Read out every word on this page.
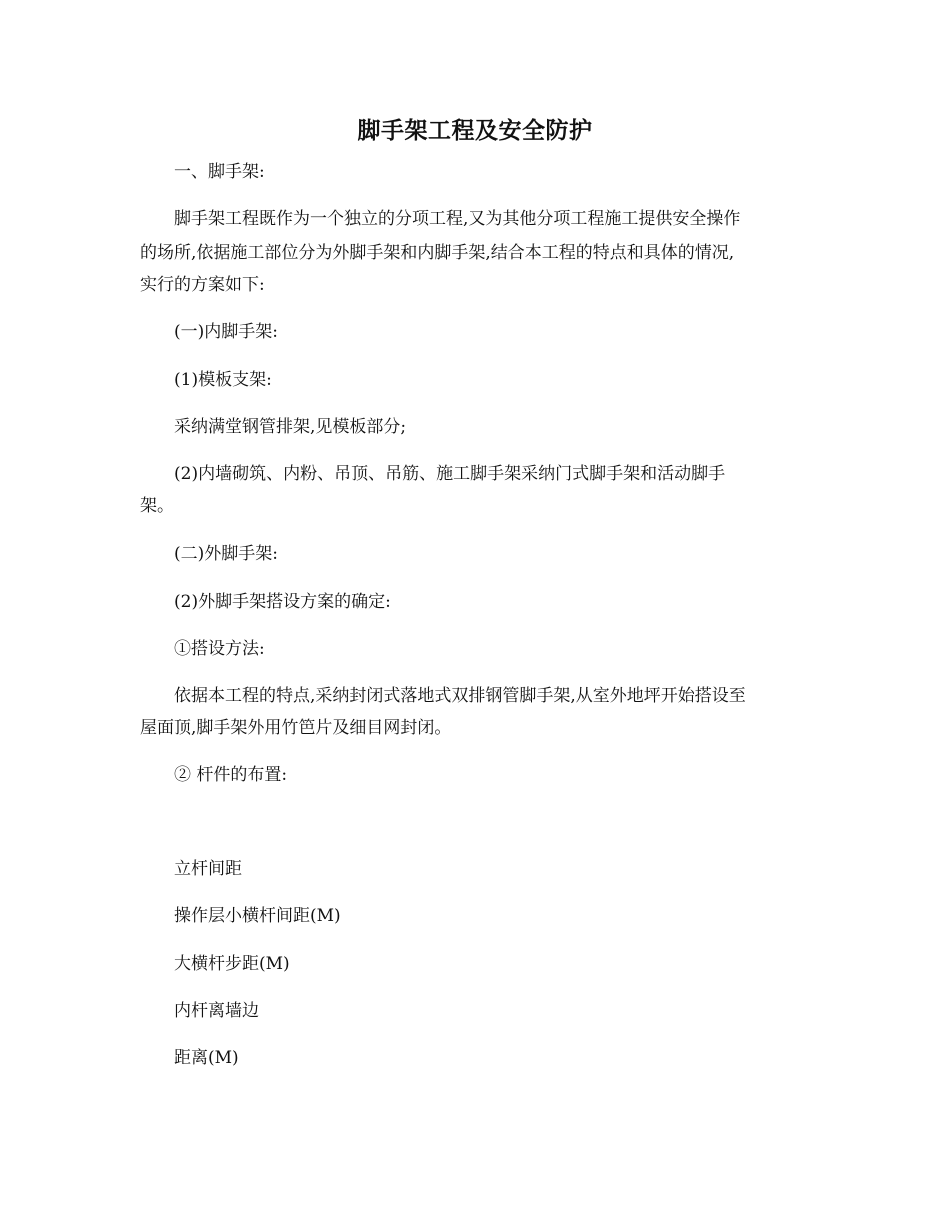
脚手架工程及安全防护
一、脚手架:
脚手架工程既作为一个独立的分项工程,又为其他分项工程施工提供安全操作
的场所,依据施工部位分为外脚手架和内脚手架,结合本工程的特点和具体的情况,
实行的方案如下:
(一)内脚手架:
(1)模板支架:
采纳满堂钢管排架,见模板部分;
(2)内墙砌筑、内粉、吊顶、吊筋、施工脚手架采纳门式脚手架和活动脚手
架。
(二)外脚手架:
(2)外脚手架搭设方案的确定:
①搭设方法:
依据本工程的特点,采纳封闭式落地式双排钢管脚手架,从室外地坪开始搭设至
屋面顶,脚手架外用竹笆片及细目网封闭。
② 杆件的布置:
立杆间距
操作层小横杆间距(M)
大横杆步距(M)
内杆离墙边
距离(M)
